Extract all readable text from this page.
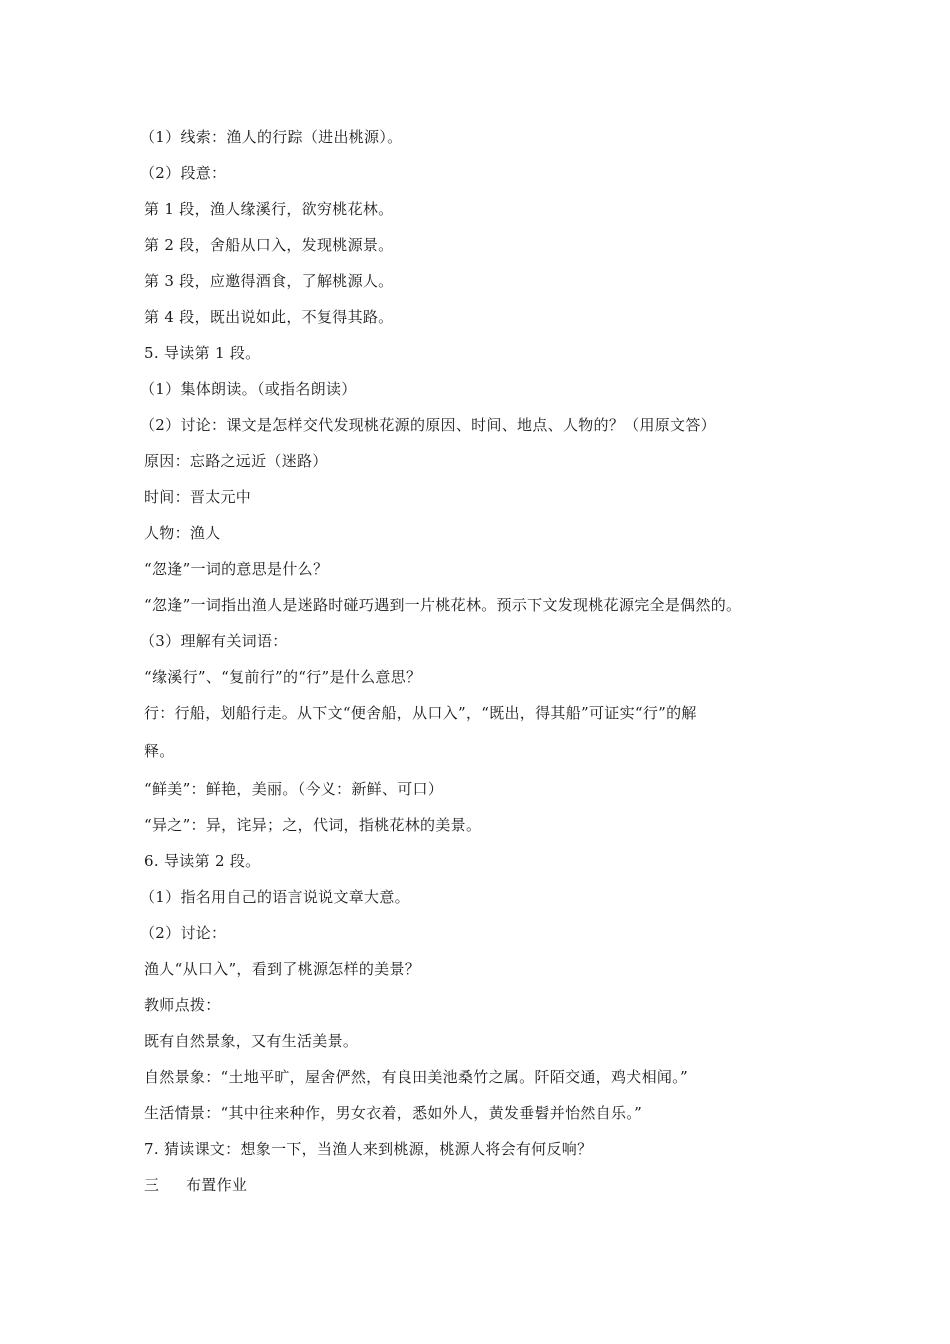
（1）线索：渔人的行踪（进出桃源）。
（2）段意：
第 1 段，渔人缘溪行，欲穷桃花林。
第 2 段，舍船从口入，发现桃源景。
第 3 段，应邀得酒食，了解桃源人。
第 4 段，既出说如此，不复得其路。
5. 导读第 1 段。
（1）集体朗读。（或指名朗读）
（2）讨论：课文是怎样交代发现桃花源的原因、时间、地点、人物的？（用原文答）
原因：忘路之远近（迷路）
时间：晋太元中
人物：渔人
“忽逢”一词的意思是什么？
“忽逢”一词指出渔人是迷路时碰巧遇到一片桃花林。预示下文发现桃花源完全是偶然的。
（3）理解有关词语：
“缘溪行”、“复前行”的“行”是什么意思？
行：行船，划船行走。从下文“便舍船，从口入”，“既出，得其船”可证实“行”的解
释。
“鲜美”：鲜艳，美丽。（今义：新鲜、可口）
“异之”：异，诧异；之，代词，指桃花林的美景。
6. 导读第 2 段。
（1）指名用自己的语言说说文章大意。
（2）讨论：
渔人“从口入”，看到了桃源怎样的美景？
教师点拨：
既有自然景象，又有生活美景。
自然景象：“土地平旷，屋舍俨然，有良田美池桑竹之属。阡陌交通，鸡犬相闻。”
生活情景：“其中往来种作，男女衣着，悉如外人，黄发垂髫并怡然自乐。”
7. 猜读课文：想象一下，当渔人来到桃源，桃源人将会有何反响？
三 布置作业
